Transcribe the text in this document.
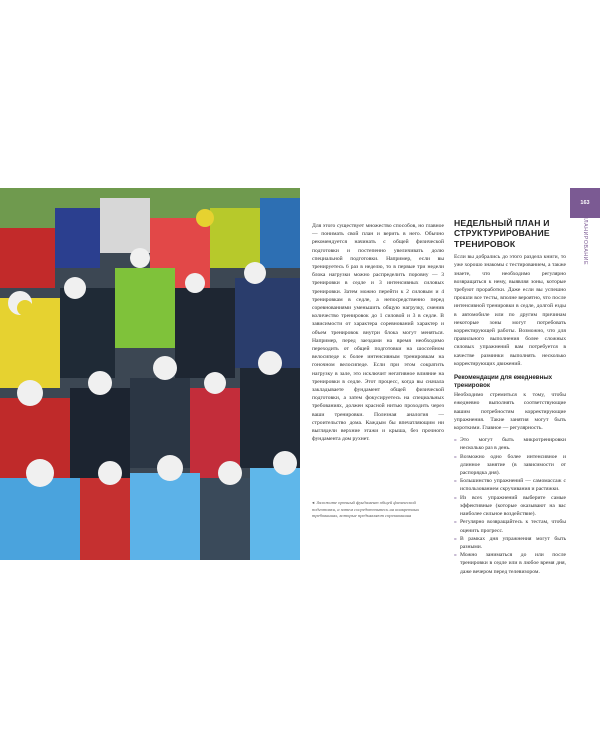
Для этого существует множество способов, но главное — понимать свой план и верить в него. Обычно рекомендуется начинать с общей физической подготовки и постепенно увеличивать долю специальной подготовки. Например, если вы тренируетесь 6 раз в неделю, то в первые три недели блока нагрузки можно распределить поровну — 3 тренировки в седле и 3 интенсивных силовых тренировки. Затем можно перейти к 2 силовым и 4 тренировкам в седле, а непосредственно перед соревнованиями уменьшить общую нагрузку, сменив количество тренировок до 1 силовой и 3 в седле. В зависимости от характера соревнований характер и объем тренировок внутри блока могут меняться. Например, перед заездами на время необходимо переходить от общей подготовки на шоссейном велосипеде к более интенсивным тренировкам на гоночном велосипеде. Если при этом сократить нагрузку в зале, это исключит негативное влияние на тренировки в седле. Этот процесс, когда вы сначала закладываете фундамент общей физической подготовки, а затем фокусируетесь на специальных требованиях, должен красной нитью проходить через ваши тренировки. Полезная аналогия — строительство дома. Каждым бы впечатляющим ни выглядели верхние этажи и крыша, без прочного фундамента дом рухнет.
◂ Заложите прочный фундамент общей физической подготовки, а затем сосредоточьтесь на конкретных требованиях, которые предъявляют соревнования
НЕДЕЛЬНЫЙ ПЛАН И СТРУКТУРИРОВАНИЕ ТРЕНИРОВОК

Если вы добрались до этого раздела книги, то уже хорошо знакомы с тестированием, а также знаете, что необходимо регулярно возвращаться к нему, выявляя зоны, которые требуют проработки. Даже если вы успешно прошли все тесты, вполне вероятно, что после интенсивной тренировки в седле, долгой езды в автомобиле или по другим причинам некоторые зоны могут потребовать корректирующей работы. Возможно, что для правильного выполнения более сложных силовых упражнений вам потребуется в качестве разминки выполнять несколько корректирующих движений.

Рекомендации для ежедневных тренировок

Необходимо стремиться к тому, чтобы ежедневно выполнять соответствующие вашим потребностям корректирующие упражнения. Такие занятия могут быть короткими. Главное — регулярность.

» Это могут быть микротренировки несколько раз в день.
» Возможно одно более интенсивное и длинное занятие (в зависимости от распорядка дня).
» Большинство упражнений — самомассаж с использованием скручивания и растяжки.
» Из всех упражнений выберите самые эффективные (которые оказывают на вас наиболее сильное воздействие).
» Регулярно возвращайтесь к тестам, чтобы оценить прогресс.
» В рамках дня упражнения могут быть разными.
» Можно заниматься до или после тренировки в седле или в любое время дня, даже вечером перед телевизором.
163
ПЛАНИРОВАНИЕ
